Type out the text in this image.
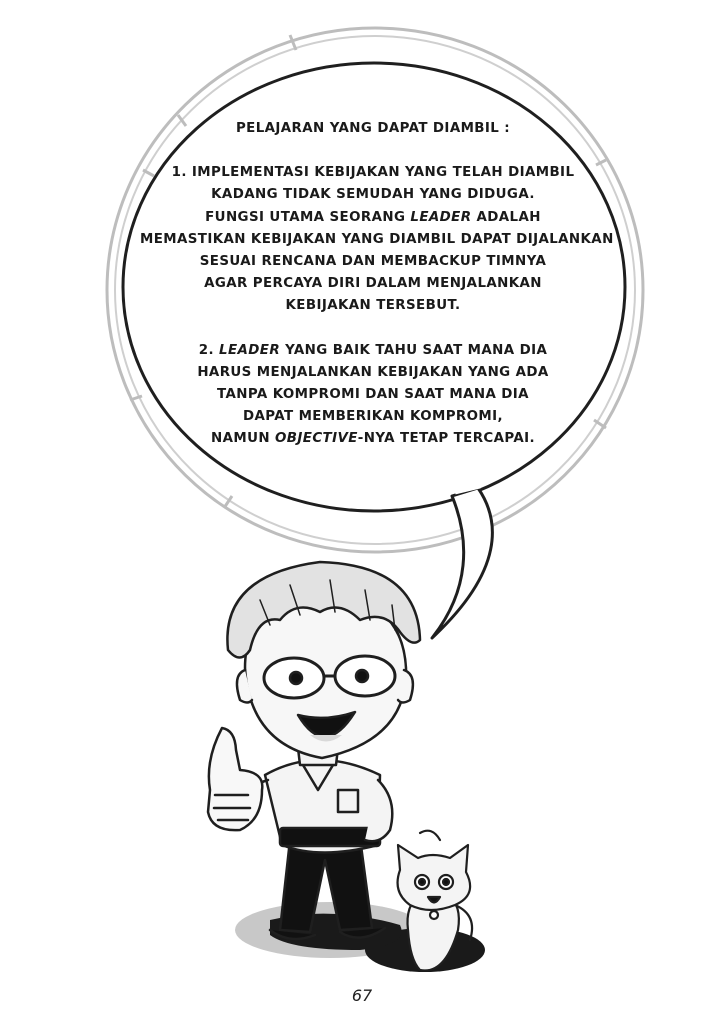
PELAJARAN YANG DAPAT DIAMBIL :
1. IMPLEMENTASI KEBIJAKAN YANG TELAH DIAMBIL
KADANG TIDAK SEMUDAH YANG DIDUGA.
FUNGSI UTAMA SEORANG LEADER ADALAH
MEMASTIKAN KEBIJAKAN YANG DIAMBIL DAPAT DIJALANKAN
SESUAI RENCANA DAN MEMBACKUP TIMNYA
AGAR PERCAYA DIRI DALAM MENJALANKAN
KEBIJAKAN TERSEBUT.
2. LEADER YANG BAIK TAHU SAAT MANA DIA
HARUS MENJALANKAN KEBIJAKAN YANG ADA
TANPA KOMPROMI DAN SAAT MANA DIA
DAPAT MEMBERIKAN KOMPROMI,
NAMUN OBJECTIVE-NYA TETAP TERCAPAI.
67
